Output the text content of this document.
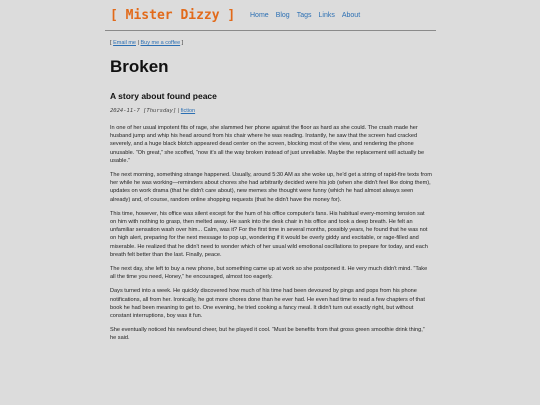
[ Mister Dizzy ] Home Blog Tags Links About
[ Email me | Buy me a coffee ]
Broken
A story about found peace
2024-11-7 [Thursday] | fiction

In one of her usual impotent fits of rage, she slammed her phone against the floor as hard as she could. The crash made her husband jump and whip his head around from his chair where he was reading. Instantly, he saw that the screen had cracked severely, and a huge black blotch appeared dead center on the screen, blocking most of the view, and rendering the phone unusable. “Oh great,” she scoffed, “now it's all the way broken instead of just unreliable. Maybe the replacement will actually be usable.”

The next morning, something strange happened. Usually, around 5:30 AM as she woke up, he'd get a string of rapid-fire texts from her while he was working—reminders about chores she had arbitrarily decided were his job (when she didn't feel like doing them), updates on work drama (that he didn't care about), new memes she thought were funny (which he had almost always seen already) and, of course, random online shopping requests (that he didn't have the money for).

This time, however, his office was silent except for the hum of his office computer's fans. His habitual every-morning tension sat on him with nothing to grasp, then melted away. He sank into the desk chair in his office and took a deep breath. He felt an unfamiliar sensation wash over him... Calm, was it? For the first time in several months, possibly years, he found that he was not on high alert, preparing for the next message to pop up, wondering if it would be overly giddy and excitable, or rage-filled and miserable. He realized that he didn't need to wonder which of her usual wild emotional oscillations to prepare for today, and each breath felt better than the last. Finally, peace.

The next day, she left to buy a new phone, but something came up at work so she postponed it. He very much didn't mind. “Take all the time you need, Honey,” he encouraged, almost too eagerly.

Days turned into a week. He quickly discovered how much of his time had been devoured by pings and pops from his phone notifications, all from her. Ironically, he got more chores done than he ever had. He even had time to read a few chapters of that book he had been meaning to get to. One evening, he tried cooking a fancy meal. It didn't turn out exactly right, but without constant interruptions, boy was it fun.

She eventually noticed his newfound cheer, but he played it cool. “Must be benefits from that gross green smoothie drink thing,” he said.
